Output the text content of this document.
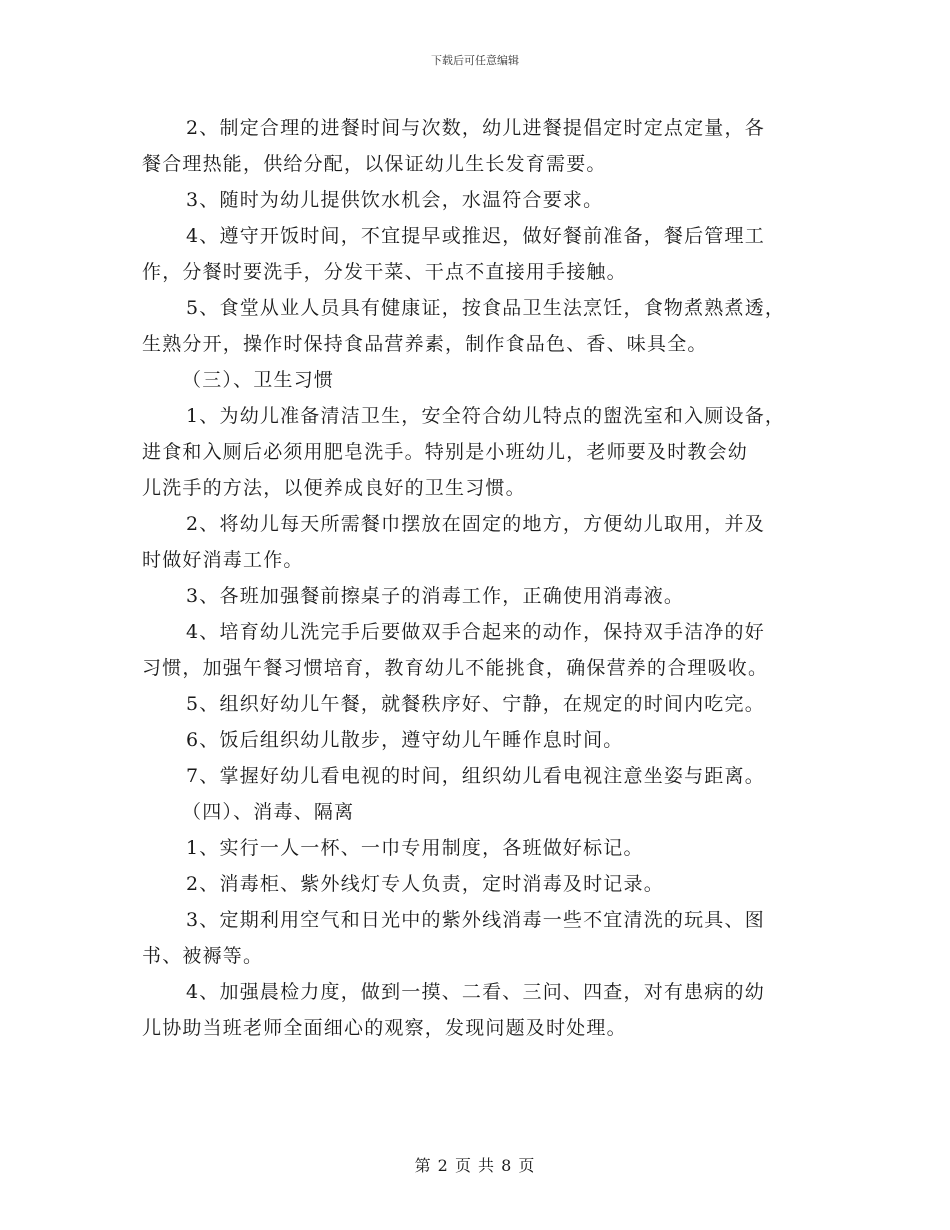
下载后可任意编辑
2、制定合理的进餐时间与次数，幼儿进餐提倡定时定点定量，各
餐合理热能，供给分配，以保证幼儿生长发育需要。
3、随时为幼儿提供饮水机会，水温符合要求。
4、遵守开饭时间，不宜提早或推迟，做好餐前准备，餐后管理工
作，分餐时要洗手，分发干菜、干点不直接用手接触。
5、食堂从业人员具有健康证，按食品卫生法烹饪，食物煮熟煮透，
生熟分开，操作时保持食品营养素，制作食品色、香、味具全。
（三）、卫生习惯
1、为幼儿准备清洁卫生，安全符合幼儿特点的盥洗室和入厕设备，
进食和入厕后必须用肥皂洗手。特别是小班幼儿，老师要及时教会幼
儿洗手的方法，以便养成良好的卫生习惯。
2、将幼儿每天所需餐巾摆放在固定的地方，方便幼儿取用，并及
时做好消毒工作。
3、各班加强餐前擦桌子的消毒工作，正确使用消毒液。
4、培育幼儿洗完手后要做双手合起来的动作，保持双手洁净的好
习惯，加强午餐习惯培育，教育幼儿不能挑食，确保营养的合理吸收。
5、组织好幼儿午餐，就餐秩序好、宁静，在规定的时间内吃完。
6、饭后组织幼儿散步，遵守幼儿午睡作息时间。
7、掌握好幼儿看电视的时间，组织幼儿看电视注意坐姿与距离。
（四）、消毒、隔离
1、实行一人一杯、一巾专用制度，各班做好标记。
2、消毒柜、紫外线灯专人负责，定时消毒及时记录。
3、定期利用空气和日光中的紫外线消毒一些不宜清洗的玩具、图
书、被褥等。
4、加强晨检力度，做到一摸、二看、三问、四查，对有患病的幼
儿协助当班老师全面细心的观察，发现问题及时处理。
第 2 页 共 8 页
